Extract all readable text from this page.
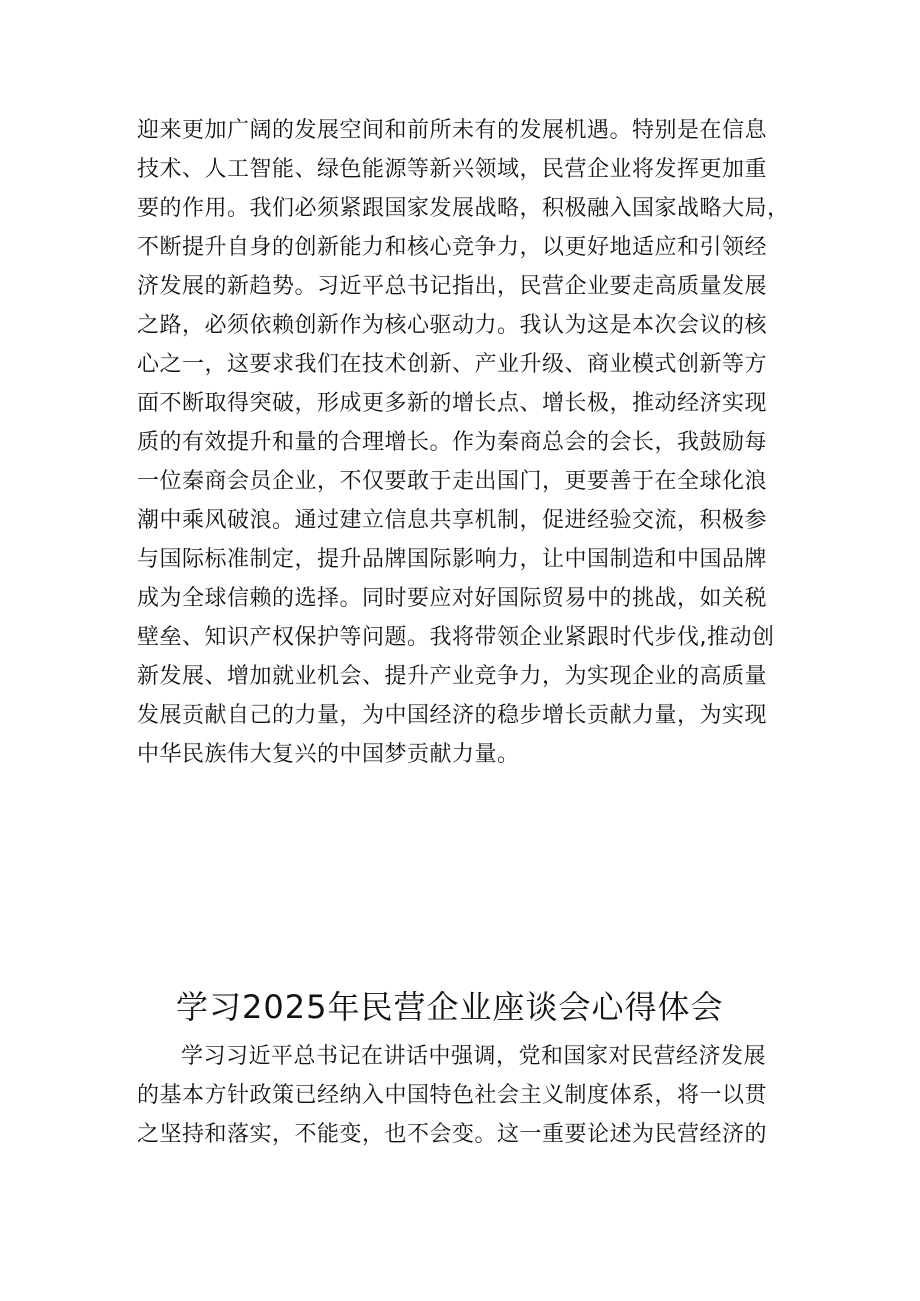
迎来更加广阔的发展空间和前所未有的发展机遇。特别是在信息
技术、人工智能、绿色能源等新兴领域，民营企业将发挥更加重
要的作用。我们必须紧跟国家发展战略，积极融入国家战略大局，
不断提升自身的创新能力和核心竞争力，以更好地适应和引领经
济发展的新趋势。习近平总书记指出，民营企业要走高质量发展
之路，必须依赖创新作为核心驱动力。我认为这是本次会议的核
心之一，这要求我们在技术创新、产业升级、商业模式创新等方
面不断取得突破，形成更多新的增长点、增长极，推动经济实现
质的有效提升和量的合理增长。作为秦商总会的会长，我鼓励每
一位秦商会员企业，不仅要敢于走出国门，更要善于在全球化浪
潮中乘风破浪。通过建立信息共享机制，促进经验交流，积极参
与国际标准制定，提升品牌国际影响力，让中国制造和中国品牌
成为全球信赖的选择。同时要应对好国际贸易中的挑战，如关税
壁垒、知识产权保护等问题。我将带领企业紧跟时代步伐,推动创
新发展、增加就业机会、提升产业竞争力，为实现企业的高质量
发展贡献自己的力量，为中国经济的稳步增长贡献力量，为实现
中华民族伟大复兴的中国梦贡献力量。
学习2025年民营企业座谈会心得体会
学习习近平总书记在讲话中强调，党和国家对民营经济发展
的基本方针政策已经纳入中国特色社会主义制度体系，将一以贯
之坚持和落实，不能变，也不会变。这一重要论述为民营经济的
